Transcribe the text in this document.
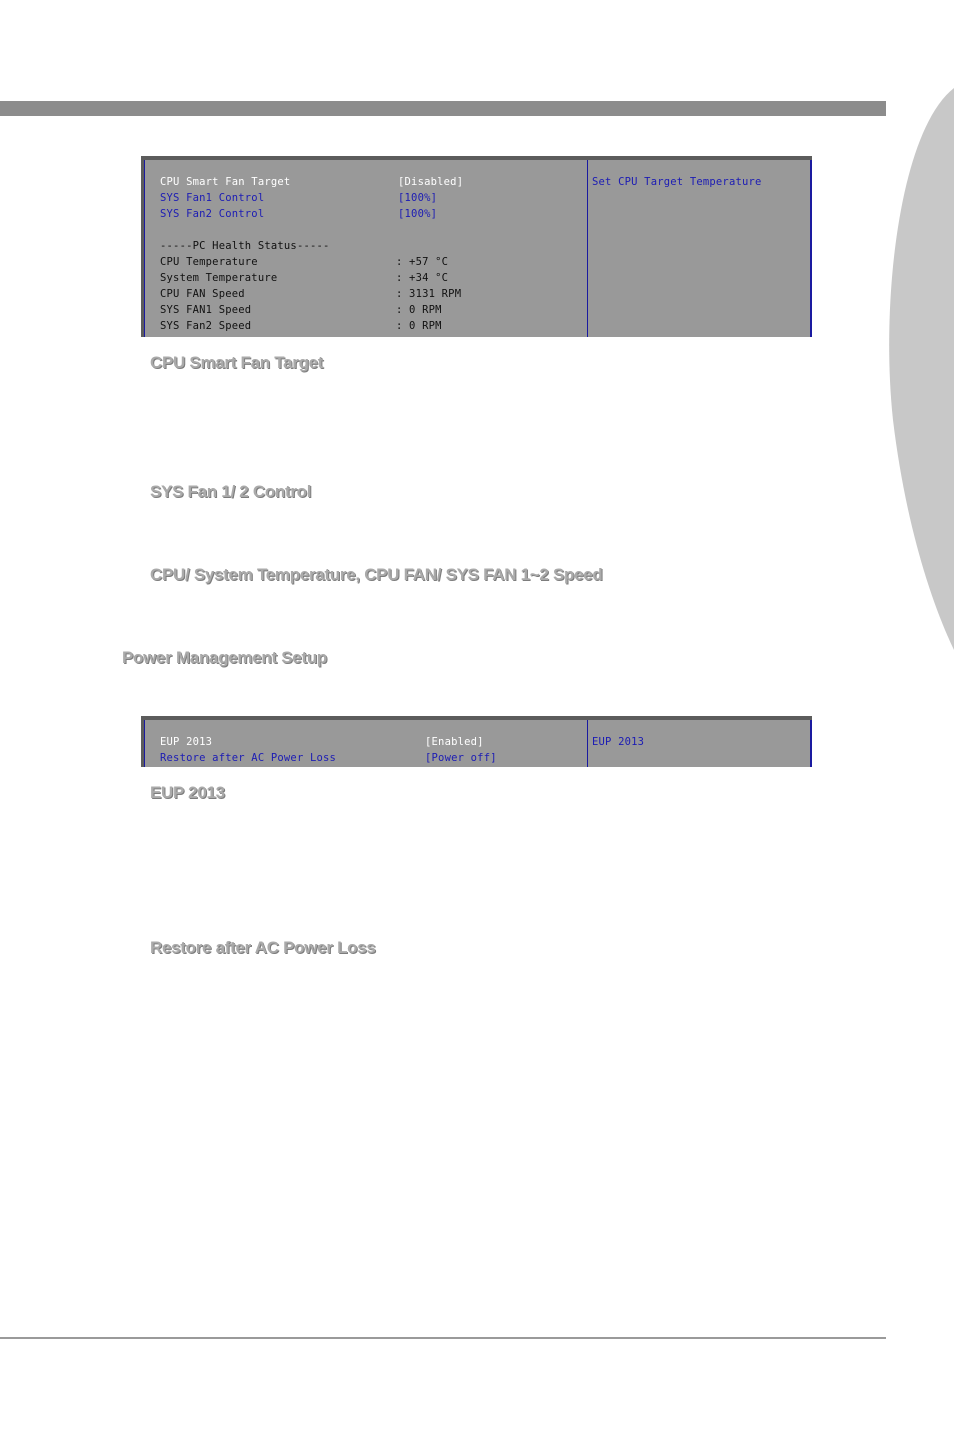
CPU Smart Fan Target

	[Disabled]

SYS Fan1 Control

	[100%]

SYS Fan2 Control

	[100%]

-----PC Health Status-----

CPU Temperature

	: +57 °C

System Temperature

	: +34 °C

CPU FAN Speed

	: 3131 RPM

SYS FAN1 Speed

	: 0 RPM

SYS Fan2 Speed

	: 0 RPM

Set CPU Target Temperature
CPU Smart Fan Target
SYS Fan 1/ 2 Control
CPU/ System Temperature, CPU FAN/ SYS FAN 1~2 Speed
Power Management Setup

EUP 2013

	[Enabled]

Restore after AC Power Loss

	[Power off]

EUP 2013
EUP 2013
Restore after AC Power Loss
